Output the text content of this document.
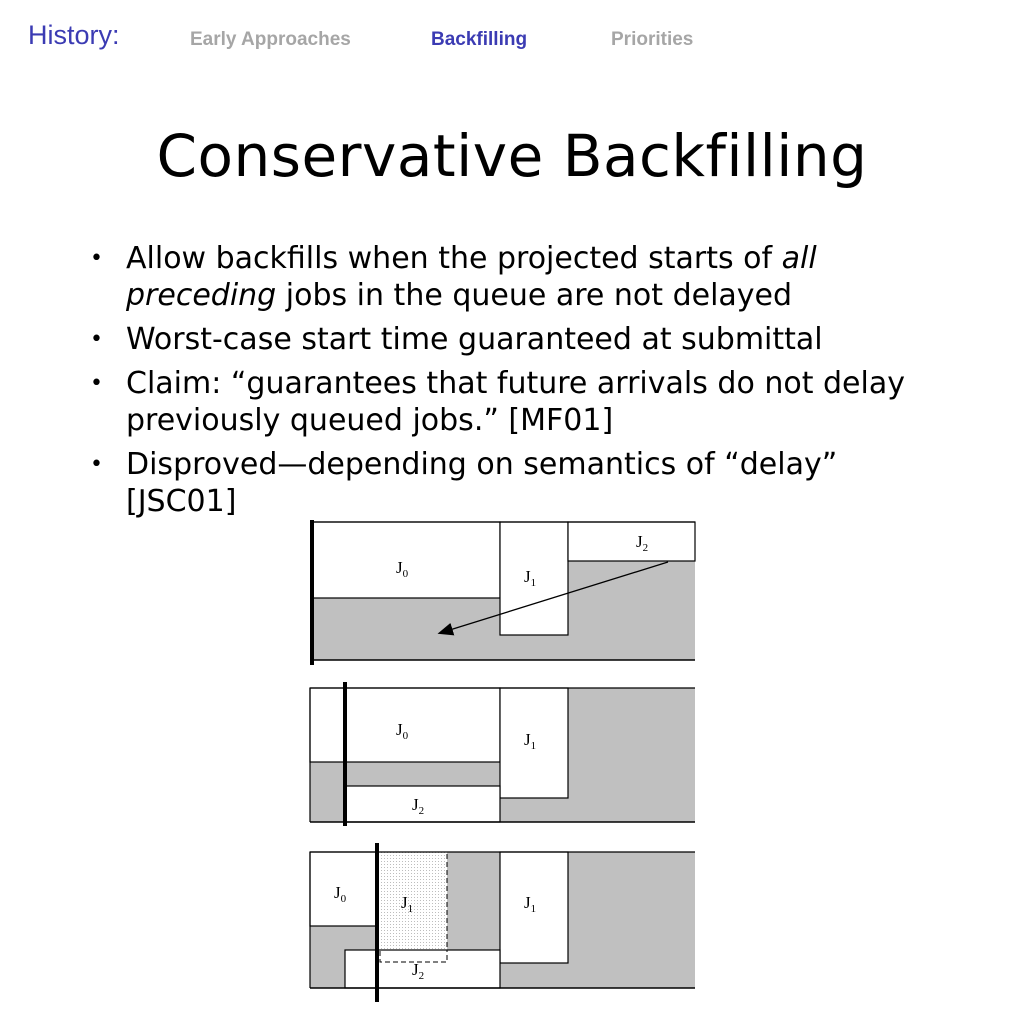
History:	Early Approaches	Backfilling	Priorities
Conservative Backfilling
• Allow backfills when the projected starts of all preceding jobs in the queue are not delayed
• Worst-case start time guaranteed at submittal
• Claim: “guarantees that future arrivals do not delay previously queued jobs.” [MF01]
• Disproved—depending on semantics of “delay” [JSC01]
$J_0$	$J_1$
$J_2$
$J_0$	$J_1$
$J_2$
$J_0$	$J_1$	$J_1$
$J_2$
